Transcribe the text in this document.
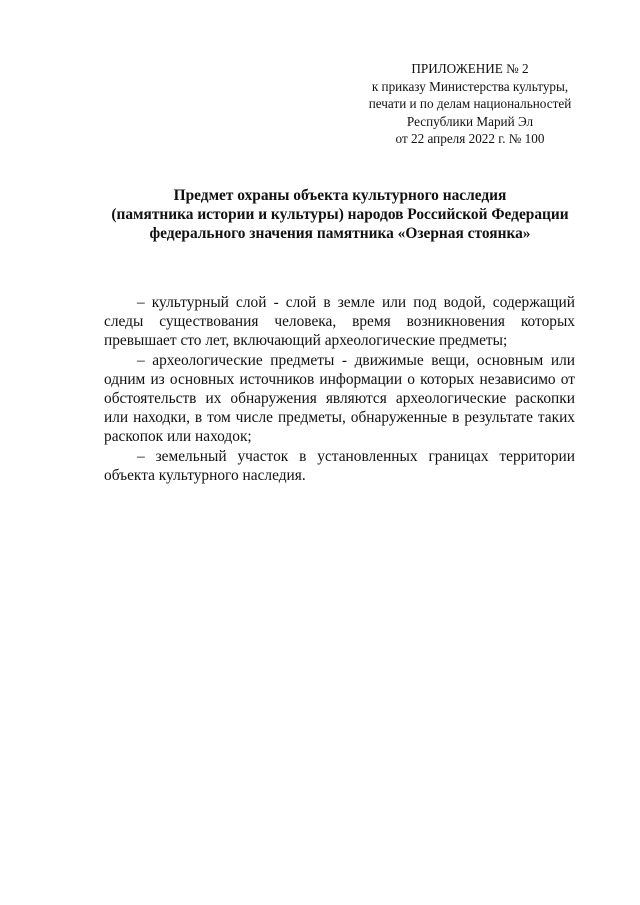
ПРИЛОЖЕНИЕ № 2
к приказу Министерства культуры,
печати и по делам национальностей
Республики Марий Эл
от 22 апреля 2022 г. № 100
Предмет охраны объекта культурного наследия
(памятника истории и культуры) народов Российской Федерации
федерального значения памятника «Озерная стоянка»

– культурный слой - слой в земле или под водой, содержащий следы существования человека, время возникновения которых превышает сто лет, включающий археологические предметы;

– археологические предметы - движимые вещи, основным или одним из основных источников информации о которых независимо от обстоятельств их обнаружения являются археологические раскопки или находки, в том числе предметы, обнаруженные в результате таких раскопок или находок;

– земельный участок в установленных границах территории объекта культурного наследия.
